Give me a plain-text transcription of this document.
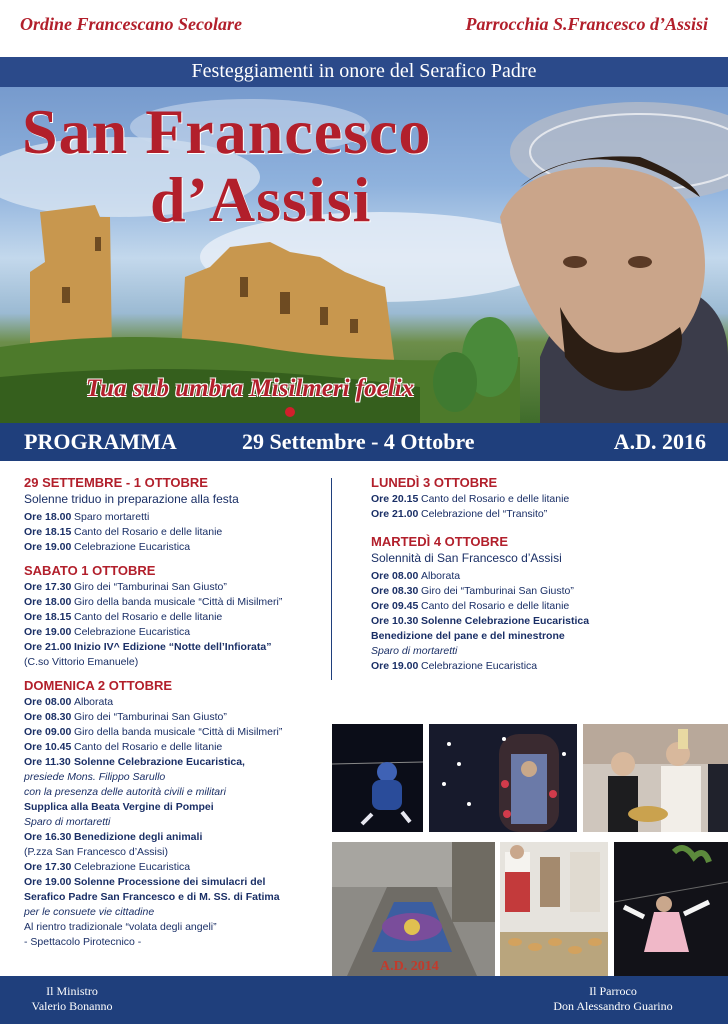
Ordine Francescano Secolare	Parrocchia S.Francesco d’Assisi
Festeggiamenti in onore del Serafico Padre
San Francesco
d’Assisi
Tua sub umbra Misilmeri foelix
PROGRAMMA	29 Settembre - 4 Ottobre	A.D. 2016
29 SETTEMBRE - 1 OTTOBRE
Solenne triduo in preparazione alla festa
Ore 18.00 Sparo mortaretti
Ore 18.15 Canto del Rosario e delle litanie
Ore 19.00 Celebrazione Eucaristica
SABATO 1 OTTOBRE
Ore 17.30 Giro dei “Tamburinai San Giusto”
Ore 18.00 Giro della banda musicale “Città di Misilmeri”
Ore 18.15 Canto del Rosario e delle litanie
Ore 19.00 Celebrazione Eucaristica
Ore 21.00 Inizio IV^ Edizione “Notte dell’Infiorata”
(C.so Vittorio Emanuele)
DOMENICA 2 OTTOBRE
Ore 08.00 Alborata
Ore 08.30 Giro dei “Tamburinai San Giusto”
Ore 09.00 Giro della banda musicale “Città di Misilmeri”
Ore 10.45 Canto del Rosario e delle litanie
Ore 11.30 Solenne Celebrazione Eucaristica,
presiede Mons. Filippo Sarullo
con la presenza delle autorità civili e militari
Supplica alla Beata Vergine di Pompei
Sparo di mortaretti
Ore 16.30 Benedizione degli animali
(P.zza San Francesco d’Assisi)
Ore 17.30 Celebrazione Eucaristica
Ore 19.00 Solenne Processione dei simulacri del
Serafico Padre San Francesco e di M. SS. di Fatima
per le consuete vie cittadine
Al rientro tradizionale “volata degli angeli”
- Spettacolo Pirotecnico -
LUNEDÌ 3 OTTOBRE
Ore 20.15 Canto del Rosario e delle litanie
Ore 21.00 Celebrazione del “Transito”
MARTEDÌ 4 OTTOBRE
Solennità di San Francesco d’Assisi
Ore 08.00 Alborata
Ore 08.30 Giro dei “Tamburinai San Giusto”
Ore 09.45 Canto del Rosario e delle litanie
Ore 10.30 Solenne Celebrazione Eucaristica
Benedizione del pane e del minestrone
Sparo di mortaretti
Ore 19.00 Celebrazione Eucaristica
A.D. 2014
Il Ministro
Valerio Bonanno
Il Parroco
Don Alessandro Guarino
